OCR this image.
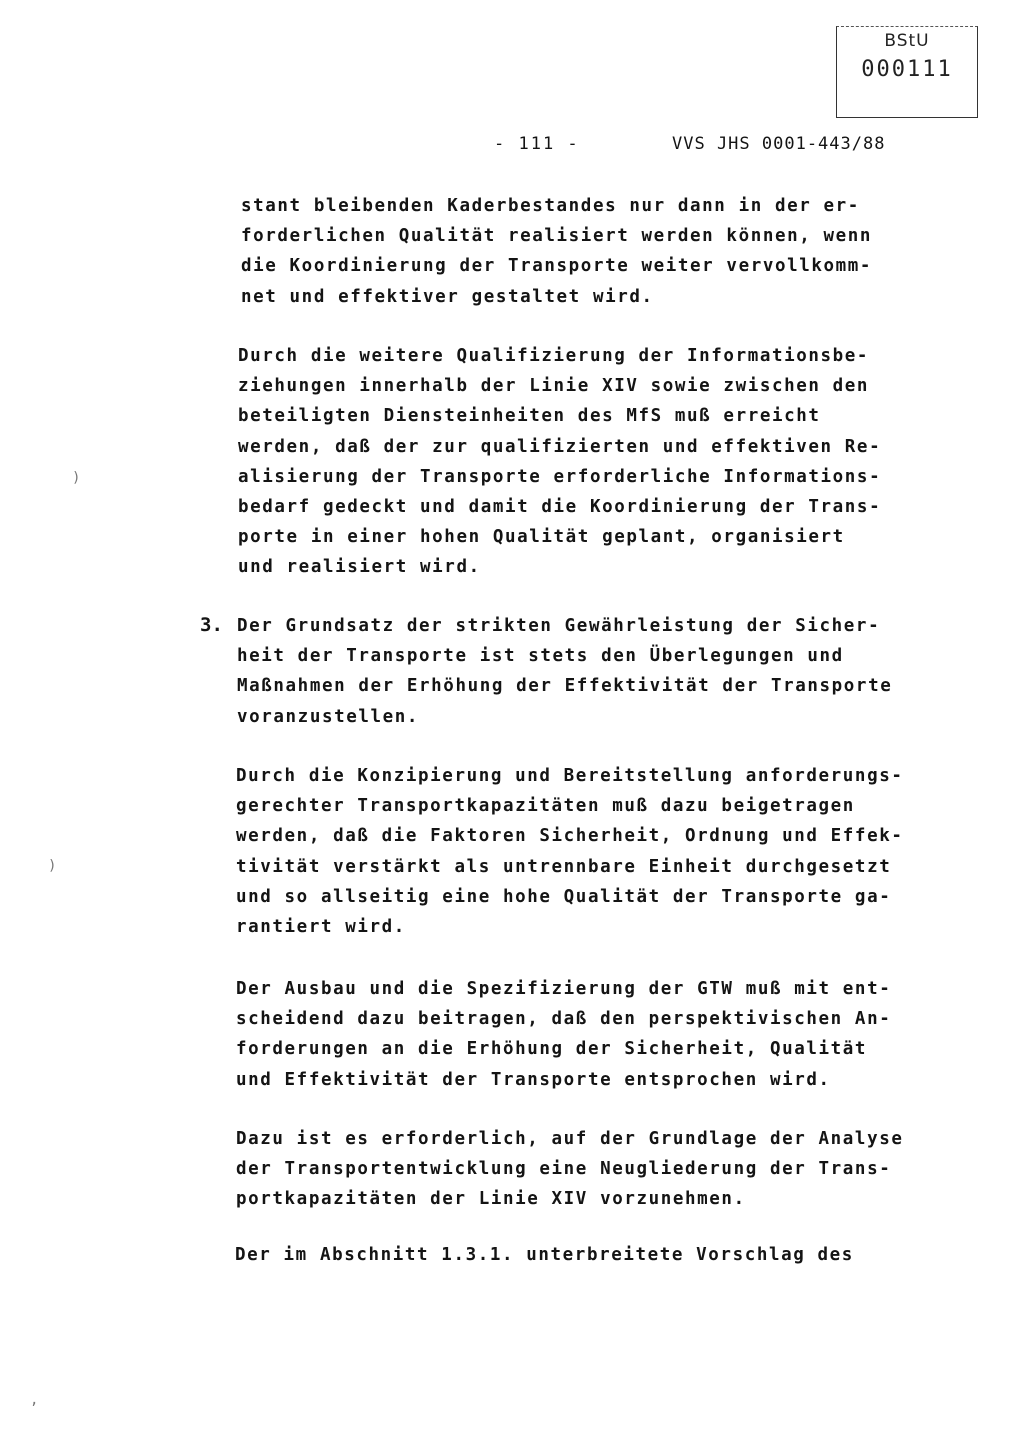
BStU
000111
- 111 -	VVS JHS 0001-443/88
stant bleibenden Kaderbestandes nur dann in der er-
forderlichen Qualität realisiert werden können, wenn
die Koordinierung der Transporte weiter vervollkomm-
net und effektiver gestaltet wird.
Durch die weitere Qualifizierung der Informationsbe-
ziehungen innerhalb der Linie XIV sowie zwischen den
beteiligten Diensteinheiten des MfS muß erreicht
werden, daß der zur qualifizierten und effektiven Re-
alisierung der Transporte erforderliche Informations-
bedarf gedeckt und damit die Koordinierung der Trans-
porte in einer hohen Qualität geplant, organisiert
und realisiert wird.
3. Der Grundsatz der strikten Gewährleistung der Sicher-
heit der Transporte ist stets den Überlegungen und
Maßnahmen der Erhöhung der Effektivität der Transporte
voranzustellen.
Durch die Konzipierung und Bereitstellung anforderungs-
gerechter Transportkapazitäten muß dazu beigetragen
werden, daß die Faktoren Sicherheit, Ordnung und Effek-
tivität verstärkt als untrennbare Einheit durchgesetzt
und so allseitig eine hohe Qualität der Transporte ga-
rantiert wird.
Der Ausbau und die Spezifizierung der GTW muß mit ent-
scheidend dazu beitragen, daß den perspektivischen An-
forderungen an die Erhöhung der Sicherheit, Qualität
und Effektivität der Transporte entsprochen wird.
Dazu ist es erforderlich, auf der Grundlage der Analyse
der Transportentwicklung eine Neugliederung der Trans-
portkapazitäten der Linie XIV vorzunehmen.
Der im Abschnitt 1.3.1. unterbreitete Vorschlag des
)
)
,
